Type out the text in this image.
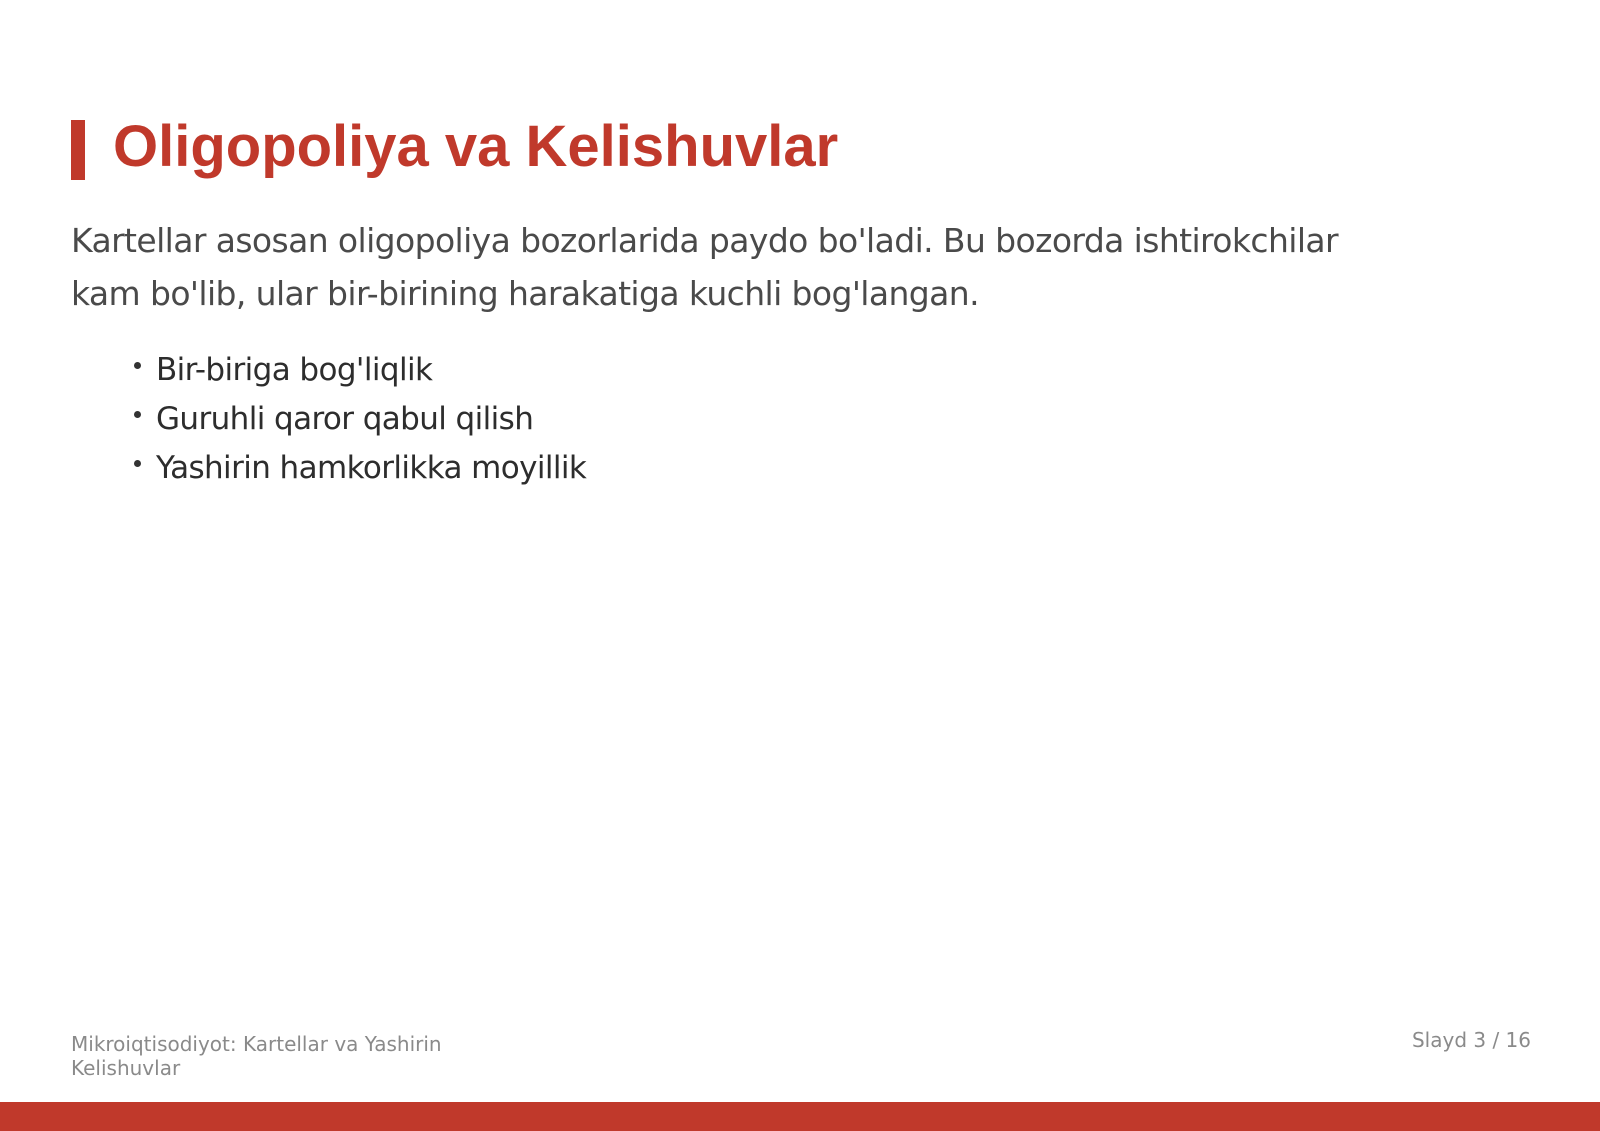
Oligopoliya va Kelishuvlar
Kartellar asosan oligopoliya bozorlarida paydo bo'ladi. Bu bozorda ishtirokchilar kam bo'lib, ular bir-birining harakatiga kuchli bog'langan.
Bir-biriga bog'liqlik
Guruhli qaror qabul qilish
Yashirin hamkorlikka moyillik
Mikroiqtisodiyot: Kartellar va Yashirin Kelishuvlar
Slayd 3 / 16
